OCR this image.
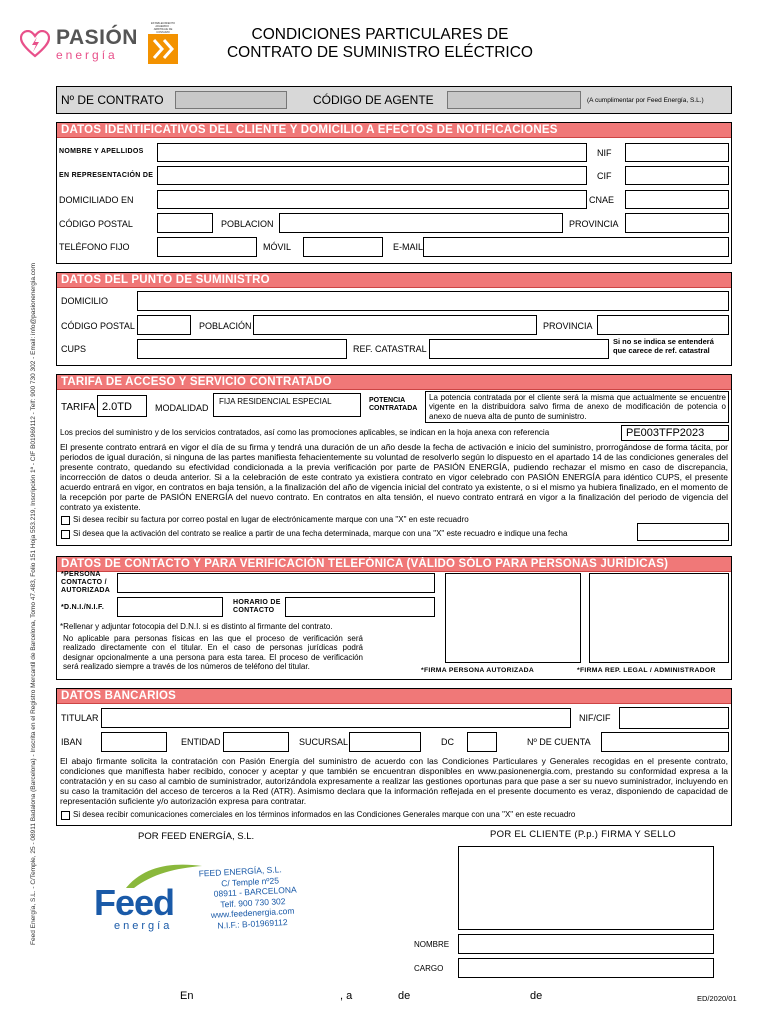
Feed Energía, S.L. - C/Temple, 25 - 08911 Badalona (Barcelona) - Inscrita en el Registro Mercantil de Barcelona, Tomo 47.483, Folio 151 Hoja 553.219, Inscripción 1ª - CIF B01969112 - Telf: 900 730 302 - Email: info@pasionenergia.com
PASIÓN
energía
ESTABLECIMIENTO ADHERIDO · ARBITRAJE DE CONSUMO	CONDICIONES PARTICULARES DE
CONTRATO DE SUMINISTRO ELÉCTRICO
Nº DE CONTRATO	CÓDIGO DE AGENTE	(A cumplimentar por Feed Energía, S.L.)
DATOS IDENTIFICATIVOS DEL CLIENTE Y DOMICILIO A EFECTOS DE NOTIFICACIONES
NOMBRE Y APELLIDOS	NIF
EN REPRESENTACIÓN DE	CIF
DOMICILIADO EN	CNAE
CÓDIGO POSTAL	POBLACION	PROVINCIA
TELÉFONO FIJO	MÓVIL	E-MAIL
DATOS DEL PUNTO DE SUMINISTRO
DOMICILIO
CÓDIGO POSTAL	POBLACIÓN	PROVINCIA
CUPS	REF. CATASTRAL
Si no se indica se entenderá
que carece de ref. catastral
TARIFA DE ACCESO Y SERVICIO CONTRATADO
TARIFA 2.0TD	MODALIDAD
FIJA RESIDENCIAL ESPECIAL	POTENCIA
CONTRATADA
La potencia contratada por el cliente será la misma que actualmente se encuentre vigente en la distribuidora salvo firma de anexo de modificación de potencia o anexo de nueva alta de punto de suministro.
Los precios del suministro y de los servicios contratados, así como las promociones aplicables, se indican en la hoja anexa con referencia	PE003TFP2023
El presente contrato entrará en vigor el día de su firma y tendrá una duración de un año desde la fecha de activación e inicio del suministro, prorrogándose de forma tácita, por periodos de igual duración, si ninguna de las partes manifiesta fehacientemente su voluntad de resolverlo según lo dispuesto en el apartado 14 de las condiciones generales del presente contrato, quedando su efectividad condicionada a la previa verificación por parte de PASIÓN ENERGÍA, pudiendo rechazar el mismo en caso de discrepancia, incorrección de datos o deuda anterior. Si a la celebración de este contrato ya existiera contrato en vigor celebrado con PASIÓN ENERGÍA para idéntico CUPS, el presente acuerdo entrará en vigor, en contratos en baja tensión, a la finalización del año de vigencia inicial del contrato ya existente, o si el mismo ya hubiera finalizado, en el momento de la recepción por parte de PASIÓN ENERGÍA del nuevo contrato. En contratos en alta tensión, el nuevo contrato entrará en vigor a la finalización del periodo de vigencia del contrato ya existente.
Si desea recibir su factura por correo postal en lugar de electrónicamente marque con una "X" en este recuadro
Si desea que la activación del contrato se realice a partir de una fecha determinada, marque con una "X" este recuadro e indique una fecha
DATOS DE CONTACTO Y PARA VERIFICACIÓN TELEFÓNICA (VÁLIDO SÓLO PARA PERSONAS JURÍDICAS)
*PERSONA
CONTACTO /
AUTORIZADA
*D.N.I./N.I.F.
HORARIO DE
CONTACTO
*Rellenar y adjuntar fotocopia del D.N.I. si es distinto al firmante del contrato.
No aplicable para personas físicas en las que el proceso de verificación será realizado directamente con el titular. En el caso de personas jurídicas podrá designar opcionalmente a una persona para esta tarea. El proceso de verificación será realizado siempre a través de los números de teléfono del titular.	*FIRMA PERSONA AUTORIZADA	*FIRMA REP. LEGAL / ADMINISTRADOR
DATOS BANCARIOS
TITULAR	NIF/CIF
IBAN	ENTIDAD	SUCURSAL	DC	Nº DE CUENTA
El abajo firmante solicita la contratación con Pasión Energía del suministro de acuerdo con las Condiciones Particulares y Generales recogidas en el presente contrato, condiciones que manifiesta haber recibido, conocer y aceptar y que también se encuentran disponibles en www.pasionenergia.com, prestando su conformidad expresa a la contratación y en su caso al cambio de suministrador, autorizándola expresamente a realizar las gestiones oportunas para que pase a ser su nuevo suministrador, incluyendo en su caso la tramitación del acceso de terceros a la Red (ATR). Asimismo declara que la información reflejada en el presente documento es veraz, disponiendo de capacidad de representación suficiente y/o autorización expresa para contratar.
Si desea recibir comunicaciones comerciales en los términos informados en las Condiciones Generales marque con una "X" en este recuadro
POR FEED ENERGÍA, S.L.	POR EL CLIENTE (P.p.) FIRMA Y SELLO
Feed
energía
FEED ENERGÍA, S.L.
C/ Temple nº25
08911 - BARCELONA
Telf. 900 730 302
www.feedenergia.com
N.I.F.: B-01969112
NOMBRE
CARGO
En	, a	de	de	ED/2020/01
